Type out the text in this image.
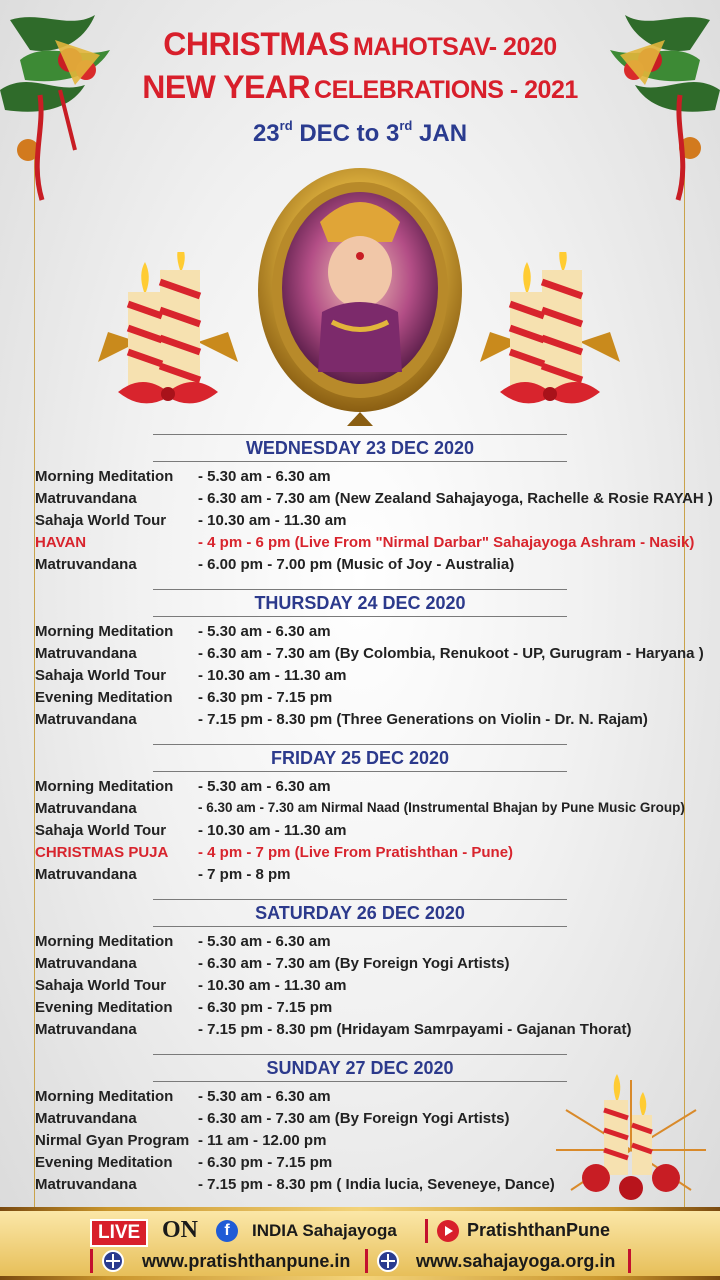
CHRISTMAS MAHOTSAV- 2020
NEW YEAR CELEBRATIONS - 2021
23rd DEC to 3rd JAN
WEDNESDAY 23 DEC 2020
Morning Meditation - 5.30 am - 6.30 am
Matruvandana	- 6.30 am - 7.30 am (New Zealand Sahajayoga, Rachelle & Rosie RAYAH )
Sahaja World Tour - 10.30 am - 11.30 am
HAVAN	- 4 pm - 6 pm (Live From "Nirmal Darbar" Sahajayoga Ashram - Nasik)
Matruvandana	- 6.00 pm - 7.00 pm (Music of Joy - Australia)
THURSDAY 24 DEC 2020
Morning Meditation - 5.30 am - 6.30 am
Matruvandana	- 6.30 am - 7.30 am (By Colombia, Renukoot - UP, Gurugram - Haryana )
Sahaja World Tour - 10.30 am - 11.30 am
Evening Meditation - 6.30 pm - 7.15 pm
Matruvandana	- 7.15 pm - 8.30 pm (Three Generations on Violin - Dr. N. Rajam)
FRIDAY 25 DEC 2020
Morning Meditation - 5.30 am - 6.30 am
Matruvandana	- 6.30 am - 7.30 am Nirmal Naad (Instrumental Bhajan by Pune Music Group)
Sahaja World Tour - 10.30 am - 11.30 am
CHRISTMAS PUJA - 4 pm - 7 pm (Live From Pratishthan - Pune)
Matruvandana	- 7 pm - 8 pm
SATURDAY 26 DEC 2020
Morning Meditation - 5.30 am - 6.30 am
Matruvandana	- 6.30 am - 7.30 am (By Foreign Yogi Artists)
Sahaja World Tour - 10.30 am - 11.30 am
Evening Meditation - 6.30 pm - 7.15 pm
Matruvandana	- 7.15 pm - 8.30 pm (Hridayam Samrpayami - Gajanan Thorat)
SUNDAY 27 DEC 2020
Morning Meditation - 5.30 am - 6.30 am
Matruvandana	- 6.30 am - 7.30 am (By Foreign Yogi Artists)
Nirmal Gyan Program - 11 am - 12.00 pm
Evening Meditation - 6.30 pm - 7.15 pm
Matruvandana	- 7.15 pm - 8.30 pm ( India lucia, Seveneye, Dance)
LIVE ON	f	INDIA Sahajayoga	PratishthanPune
www.pratishthanpune.in	www.sahajayoga.org.in
